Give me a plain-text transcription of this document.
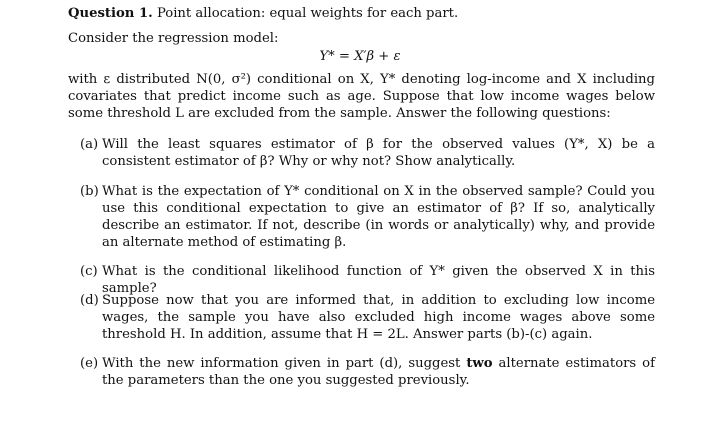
Question 1. Point allocation: equal weights for each part.
Consider the regression model:
Y* = X′β + ε
with ε distributed N(0, σ²) conditional on X, Y* denoting log-income and X including covariates that predict income such as age. Suppose that low income wages below some threshold L are excluded from the sample. Answer the following questions:
(a) Will the least squares estimator of β for the observed values (Y*, X) be a consistent estimator of β? Why or why not? Show analytically.
(b) What is the expectation of Y* conditional on X in the observed sample? Could you use this conditional expectation to give an estimator of β? If so, analytically describe an estimator. If not, describe (in words or analytically) why, and provide an alternate method of estimating β.
(c) What is the conditional likelihood function of Y* given the observed X in this sample?
(d) Suppose now that you are informed that, in addition to excluding low income wages, the sample you have also excluded high income wages above some threshold H. In addition, assume that H = 2L. Answer parts (b)-(c) again.
(e) With the new information given in part (d), suggest two alternate estimators of the parameters than the one you suggested previously.
